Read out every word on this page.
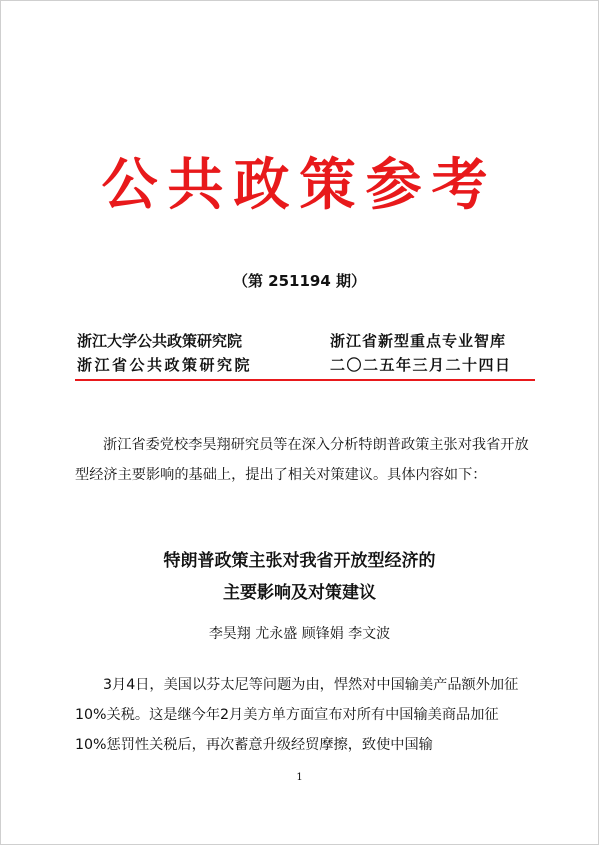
公共政策参考
（第 251194 期）
浙江大学公共政策研究院
浙江省公共政策研究院
浙江省新型重点专业智库
二〇二五年三月二十四日

浙江省委党校李昊翔研究员等在深入分析特朗普政策主张对我省开放型经济主要影响的基础上，提出了相关对策建议。具体内容如下：

特朗普政策主张对我省开放型经济的
主要影响及对策建议
李昊翔 尤永盛 顾锋娟 李文波

3月4日，美国以芬太尼等问题为由，悍然对中国输美产品额外加征10%关税。这是继今年2月美方单方面宣布对所有中国输美商品加征10%惩罚性关税后，再次蓄意升级经贸摩擦，致使中国输

1
